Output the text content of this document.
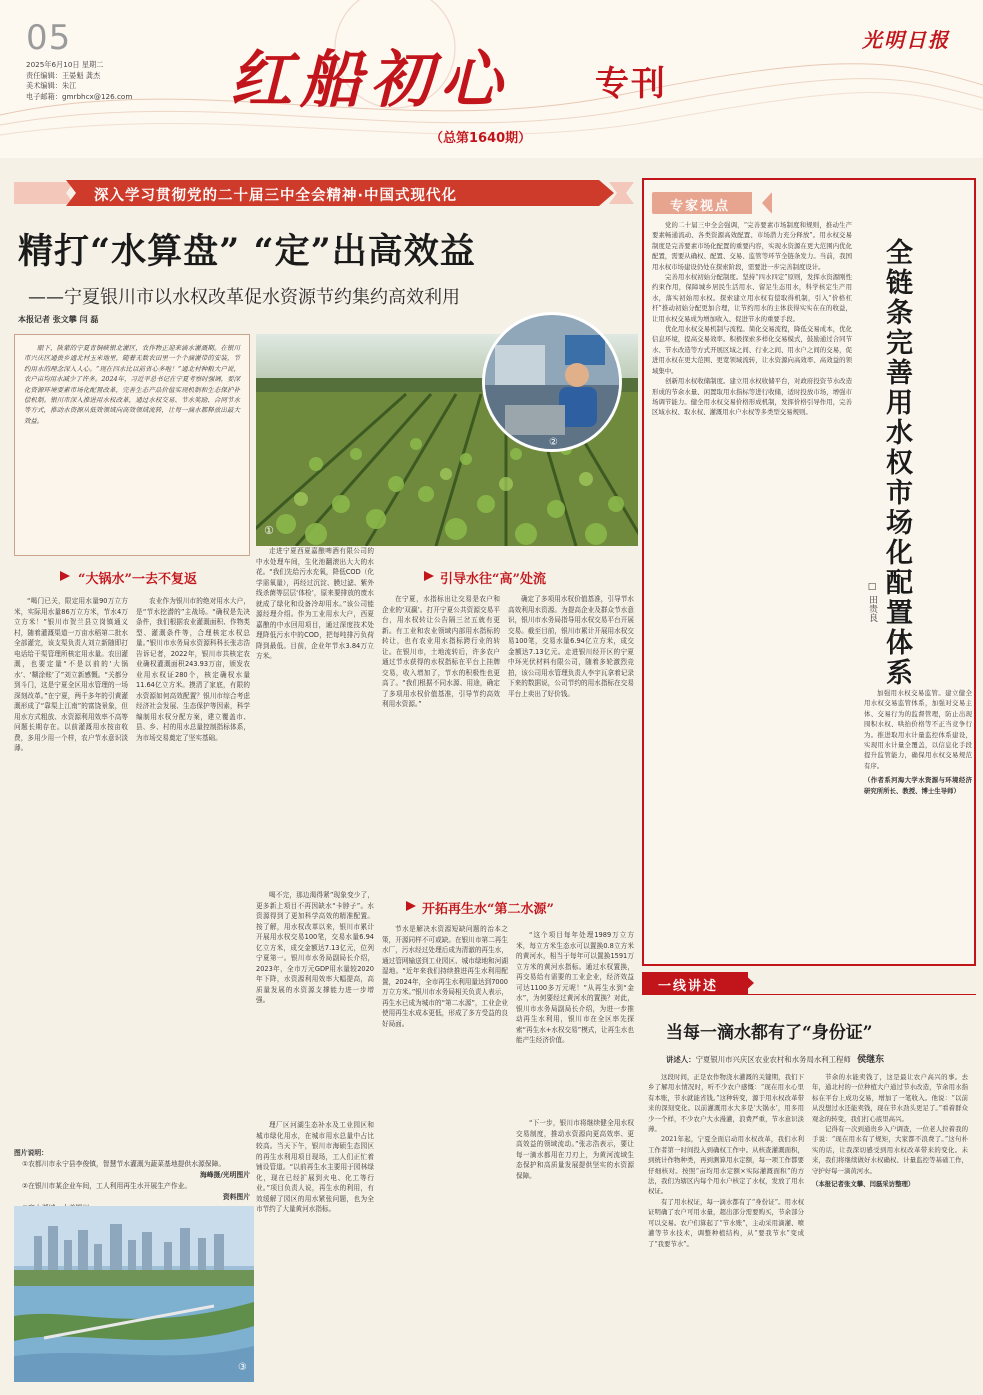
05
2025年6月10日 星期二
责任编辑：王晏魁 龚杰
美术编辑：朱江
电子邮箱：gmrbhcx@126.com 红船初心 专刊
（总第1640期）
光明日报
深入学习贯彻党的二十届三中全会精神·中国式现代化
精打“水算盘” “定”出高效益
——宁夏银川市以水权改革促水资源节约集约高效利用
本报记者 张文攀 闫 磊
眼下，陕蒙的宁夏青铜峡银北灌区，农作物正迎来滴水灌溉期。在银川市兴庆区通贵乡通北村玉米地里，随着无数农田里一个个滴灌带的安装，节约用水的理念深入人心。“现在四水比以前省心多啦！”通北村种粮大户说，农户亩均用水减少了许多。2024年，习近平总书记在宁夏考察时强调，要深化资源环境要素市场化配置改革，完善生态产品价值实现机制和生态保护补偿机制。银川市深入推进用水权改革，通过水权交易、节水奖励、合同节水等方式，推动水资源从低效领域向高效领域流转，让每一滴水都释放出最大效益。
①
②
“大锅水”一去不复返

“喝门已关，限定用水量90万立方米，实际用水量86万立方米，节水4万立方米！”银川市贺兰县立岗镇通义村，随着灌溉渠道一万亩水稻第二批水全部灌完，该支渠负责人刘立新随即打电话给干渠管理所核定用水量。农田灌溉，也要定量“不是以前的‘大锅水’、‘糊涂账’了”刘立新感慨。“关都分到斗门，这是宁夏全区用水管理的一场深刻改革。”在宁夏，两千多年的引黄灌溉形成了“靠渠上江南”的富饶景象，但用水方式粗放、水资源利用效率不高等问题长期存在。以前灌溉用水按亩收费，多用少用一个样，农户节水意识淡薄。

农业作为银川市的绝对用水大户，是“节水挖潜的”主战场。“确权是先决条件，我们根据农业灌溉面积、作物类型、灌溉条件等，合理核定水权总量。”银川市水务局水资源科科长张志浩告诉记者，2022年，银川市共核定农业确权灌溉面积243.93万亩，颁发农业用水权证280个，核定确权水量11.64亿立方米。摸清了家底，有限的水资源如何高效配置？银川市综合考虑经济社会发展、生态保护等因素，科学编制用水权分配方案，建立覆盖市、县、乡、村的用水总量控制指标体系，为市场交易奠定了坚实基础。

走进宁夏西夏嘉酿啤酒有限公司的中水处理车间，生化池翻滚出大大的水花。“我们先给污水充氧，降低COD（化学需氧量），再经过沉淀、膜过滤、紫外线杀菌等层层‘体检’，原来要排放的废水就成了绿化和设备冷却用水。”该公司能源经理介绍。作为工业用水大户，西夏嘉酿的中水回用项目，通过深度技术处理降低污水中的COD，把每吨排污负荷降到最低。目前，企业年节水3.84万立方米。

引导水往“高”处流

在宁夏，水指标出让交易是农户和企业的‘双赢’。打开宁夏公共资源交易平台，用水权转让公告隔三岔五就有更新。有工业和农业领域内部用水指标的转让，也有农业用水指标跨行业的转让。在银川市，土地流转后，许多农户通过节水获得的水权指标在平台上挂牌交易，收入增加了，节水的积极性也更高了。“我们根据不同水源、用途，确定了多项用水权价值基准，引导节约高效利用水资源。”

确定了多项用水权价值基准，引导节水高效利用水资源。为提高企业及群众节水意识，银川市水务局指导用水权交易平台开展交易。截至目前，银川市累计开展用水权交易100笔，交易水量6.94亿立方米，成交金额达7.13亿元。走进银川经开区的宁夏中环光伏材料有限公司，随着多轮激烈竞拍，该公司用水管理负责人李宇瓦拿着记录下来的数据说，公司节约的用水指标在交易平台上卖出了好价钱。

喝不完，那边渴得紧”现象变少了，更多新上项目不再因缺水“卡脖子”。水资源得到了更加科学高效的精准配置。按了解，用水权改革以来，银川市累计开展用水权交易100笔，交易水量6.94亿立方米，成交金额达7.13亿元，位列宁夏第一。银川市水务局副局长介绍，2023年，全市万元GDP用水量较2020年下降，水资源利用效率大幅提高，高质量发展的水资源支撑能力进一步增强。

开拓再生水“第二水源”

节水是解决水资源短缺问题的治本之策，开源同样不可或缺。在银川市第二再生水厂，污水经过处理后成为清澈的再生水，通过管网输送到工业园区、城市绿地和河湖湿地。“近年来我们持续推进再生水利用配置，2024年，全市再生水利用量达到7000万立方米。”银川市水务局相关负责人表示，再生水已成为城市的“第二水源”，工业企业使用再生水成本更低，形成了多方受益的良好局面。

“这个项目每年处理1989万立方米，每立方米生态水可以置换0.8立方米的黄河水，相当于每年可以置换1591万立方米的黄河水指标。通过水权置换，再交易给有需要的工业企业，经济效益可达1100多万元呢！”从再生水到“金水”，为何要经过黄河水的置换？对此，银川市水务局副局长介绍，为进一步推动再生水利用，银川市在全区率先探索“再生水+水权交易”模式，让再生水也能产生经济价值。

理厂区河湖生态补水及工业园区和城市绿化用水，在城市用水总量中占比较高。当天下午，银川市海硕生态园区的再生水利用项目现场，工人们正忙着铺设管道。“以前再生水主要用于园林绿化，现在已经扩展到火电、化工等行业。”项目负责人说，再生水的利用，有效缓解了园区的用水紧张问题，也为全市节约了大量黄河水指标。

“下一步，银川市将继续健全用水权交易制度，推动水资源向更高效率、更高效益的领域流动。”张志浩表示，要让每一滴水都用在刀刃上，为黄河流域生态保护和高质量发展提供坚实的水资源保障。

图片说明：
①农都川市永宁县李俊镇，智慧节水灌溉为蔬菜基地提供水源保障。
海峰摄/光明图片
②在银川市某企业车间，工人利用再生水开展生产作业。
资料图片
③
专家视点

党的二十届三中全会强调，“完善要素市场制度和规则，推动生产要素畅通流动、各类资源高效配置、市场潜力充分释放”。用水权交易制度是完善要素市场化配置的重要内容，实现水资源在更大范围内优化配置，需要从确权、配置、交易、监管等环节全链条发力。当前，我国用水权市场建设仍处在探索阶段，需要进一步完善制度设计。

完善用水权初始分配制度。坚持“四水四定”原则，发挥水资源刚性约束作用，保障城乡居民生活用水、留足生态用水，科学核定生产用水，落实初始用水权。探索建立用水权有偿取得机制，引入“价格杠杆”推动初始分配更加合理，让节约用水的主体获得实实在在的收益，让用水权交易成为增加收入、促进节水的重要手段。

优化用水权交易机制与流程。简化交易流程，降低交易成本，优化信息环境，提高交易效率。积极探索多样化交易模式，鼓励通过合同节水、节水改造等方式开展区域之间、行业之间、用水户之间的交易，促进用水权在更大范围、更宽领域流转，让水资源向高效率、高效益的领域集中。

创新用水权收储制度。建立用水权收储平台，对政府投资节水改造形成的节余水量、闲置取用水指标等进行收储，适时投放市场，增强市场调节能力。健全用水权交易价格形成机制，发挥价格引导作用，完善区域水权、取水权、灌溉用水户水权等多类型交易规则。	全链条完善用水权市场化配置体系
□ 田贵良

加强用水权交易监管。建立健全用水权交易监管体系，加强对交易主体、交易行为的监督管理，防止出现囤积水权、哄抬价格等不正当竞争行为。推进取用水计量监控体系建设，实现用水计量全覆盖，以信息化手段提升监管能力，确保用水权交易规范有序。

（作者系河海大学水资源与环境经济研究所所长、教授、博士生导师）

一线讲述
当每一滴水都有了“身份证”
讲述人：宁夏银川市兴庆区农业农村和水务局水利工程师 侯继东

这段时间，正是农作物浇水灌溉的关键期，我们下乡了解用水情况时，听不少农户感慨：“现在用水心里有本账，节水就能省钱。”这种转变，源于用水权改革带来的深刻变化。以前灌溉用水大多是‘大锅水’，用多用少一个样，不少农户大水漫灌，浪费严重，节水意识淡薄。

2021年起，宁夏全面启动用水权改革，我们水利工作者第一时间投入到确权工作中。从核查灌溉面积，到统计作物种类，再到测算用水定额，每一项工作都要仔细核对。按照“亩均用水定额×实际灌溉面积”的方法，我们为辖区内每个用水户核定了水权，发放了用水权证。

有了用水权证，每一滴水都有了“身份证”。用水权证明确了农户可用水量，超出部分需要购买，节余部分可以交易。农户们算起了“节水账”，主动采用滴灌、喷灌等节水技术，调整种植结构，从“要我节水”变成了“我要节水”。

节余的水能卖钱了，这是最让农户高兴的事。去年，通北村的一位种植大户通过节水改造，节余用水指标在平台上成功交易，增加了一笔收入。他说：“以前从没想过水还能卖钱，现在节水劲头更足了。”看着群众观念的转变，我们打心底里高兴。

记得有一次到通贵乡入户调查，一位老人拉着我的手说：“现在用水有了规矩，大家都不浪费了。”这句朴实的话，让我深切感受到用水权改革带来的变化。未来，我们将继续做好水权确权、计量监控等基础工作，守护好每一滴黄河水。

（本报记者张文攀、闫磊采访整理）
